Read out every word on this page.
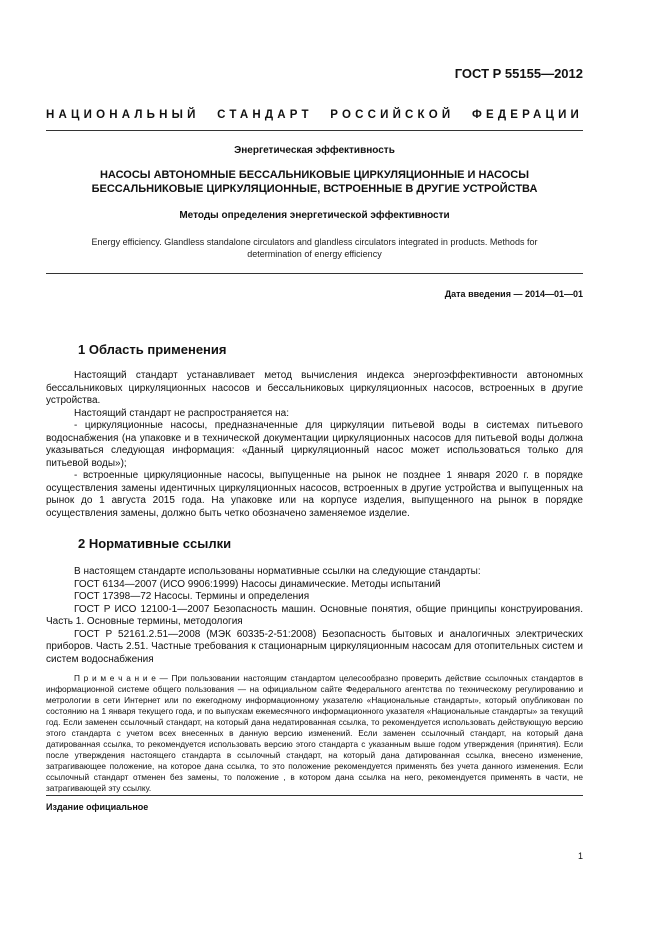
ГОСТ Р 55155—2012
НАЦИОНАЛЬНЫЙ СТАНДАРТ РОССИЙСКОЙ ФЕДЕРАЦИИ
Энергетическая эффективность
НАСОСЫ АВТОНОМНЫЕ БЕССАЛЬНИКОВЫЕ ЦИРКУЛЯЦИОННЫЕ И НАСОСЫ
БЕССАЛЬНИКОВЫЕ ЦИРКУЛЯЦИОННЫЕ, ВСТРОЕННЫЕ В ДРУГИЕ УСТРОЙСТВА
Методы определения энергетической эффективности
Energy efficiency. Glandless standalone circulators and glandless circulators integrated in products. Methods for
determination of energy efficiency
Дата введения — 2014—01—01
1 Область применения

Настоящий стандарт устанавливает метод вычисления индекса энергоэффективности автономных бессальниковых циркуляционных насосов и бессальниковых циркуляционных насосов, встроенных в другие устройства.

Настоящий стандарт не распространяется на:

- циркуляционные насосы, предназначенные для циркуляции питьевой воды в системах питьевого водоснабжения (на упаковке и в технической документации циркуляционных насосов для питьевой воды должна указываться следующая информация: «Данный циркуляционный насос может использоваться только для питьевой воды»);

- встроенные циркуляционные насосы, выпущенные на рынок не позднее 1 января 2020 г. в порядке осуществления замены идентичных циркуляционных насосов, встроенных в другие устройства и выпущенных на рынок до 1 августа 2015 года. На упаковке или на корпусе изделия, выпущенного на рынок в порядке осуществления замены, должно быть четко обозначено заменяемое изделие.

2 Нормативные ссылки

В настоящем стандарте использованы нормативные ссылки на следующие стандарты:

ГОСТ 6134—2007 (ИСО 9906:1999) Насосы динамические. Методы испытаний

ГОСТ 17398—72 Насосы. Термины и определения

ГОСТ Р ИСО 12100-1—2007 Безопасность машин. Основные понятия, общие принципы конструирования. Часть 1. Основные термины, методология

ГОСТ Р 52161.2.51—2008 (МЭК 60335-2-51:2008) Безопасность бытовых и аналогичных электрических приборов. Часть 2.51. Частные требования к стационарным циркуляционным насосам для отопительных систем и систем водоснабжения

П р и м е ч а н и е — При пользовании настоящим стандартом целесообразно проверить действие ссылочных стандартов в информационной системе общего пользования — на официальном сайте Федерального агентства по техническому регулированию и метрологии в сети Интернет или по ежегодному информационному указателю «Национальные стандарты», который опубликован по состоянию на 1 января текущего года, и по выпускам ежемесячного информационного указателя «Национальные стандарты» за текущий год. Если заменен ссылочный стандарт, на который дана недатированная ссылка, то рекомендуется использовать действующую версию этого стандарта с учетом всех внесенных в данную версию изменений. Если заменен ссылочный стандарт, на который дана датированная ссылка, то рекомендуется использовать версию этого стандарта с указанным выше годом утверждения (принятия). Если после утверждения настоящего стандарта в ссылочный стандарт, на который дана датированная ссылка, внесено изменение, затрагивающее положение, на которое дана ссылка, то это положение рекомендуется применять без учета данного изменения. Если ссылочный стандарт отменен без замены, то положение , в котором дана ссылка на него, рекомендуется применять в части, не затрагивающей эту ссылку.
Издание официальное
1
